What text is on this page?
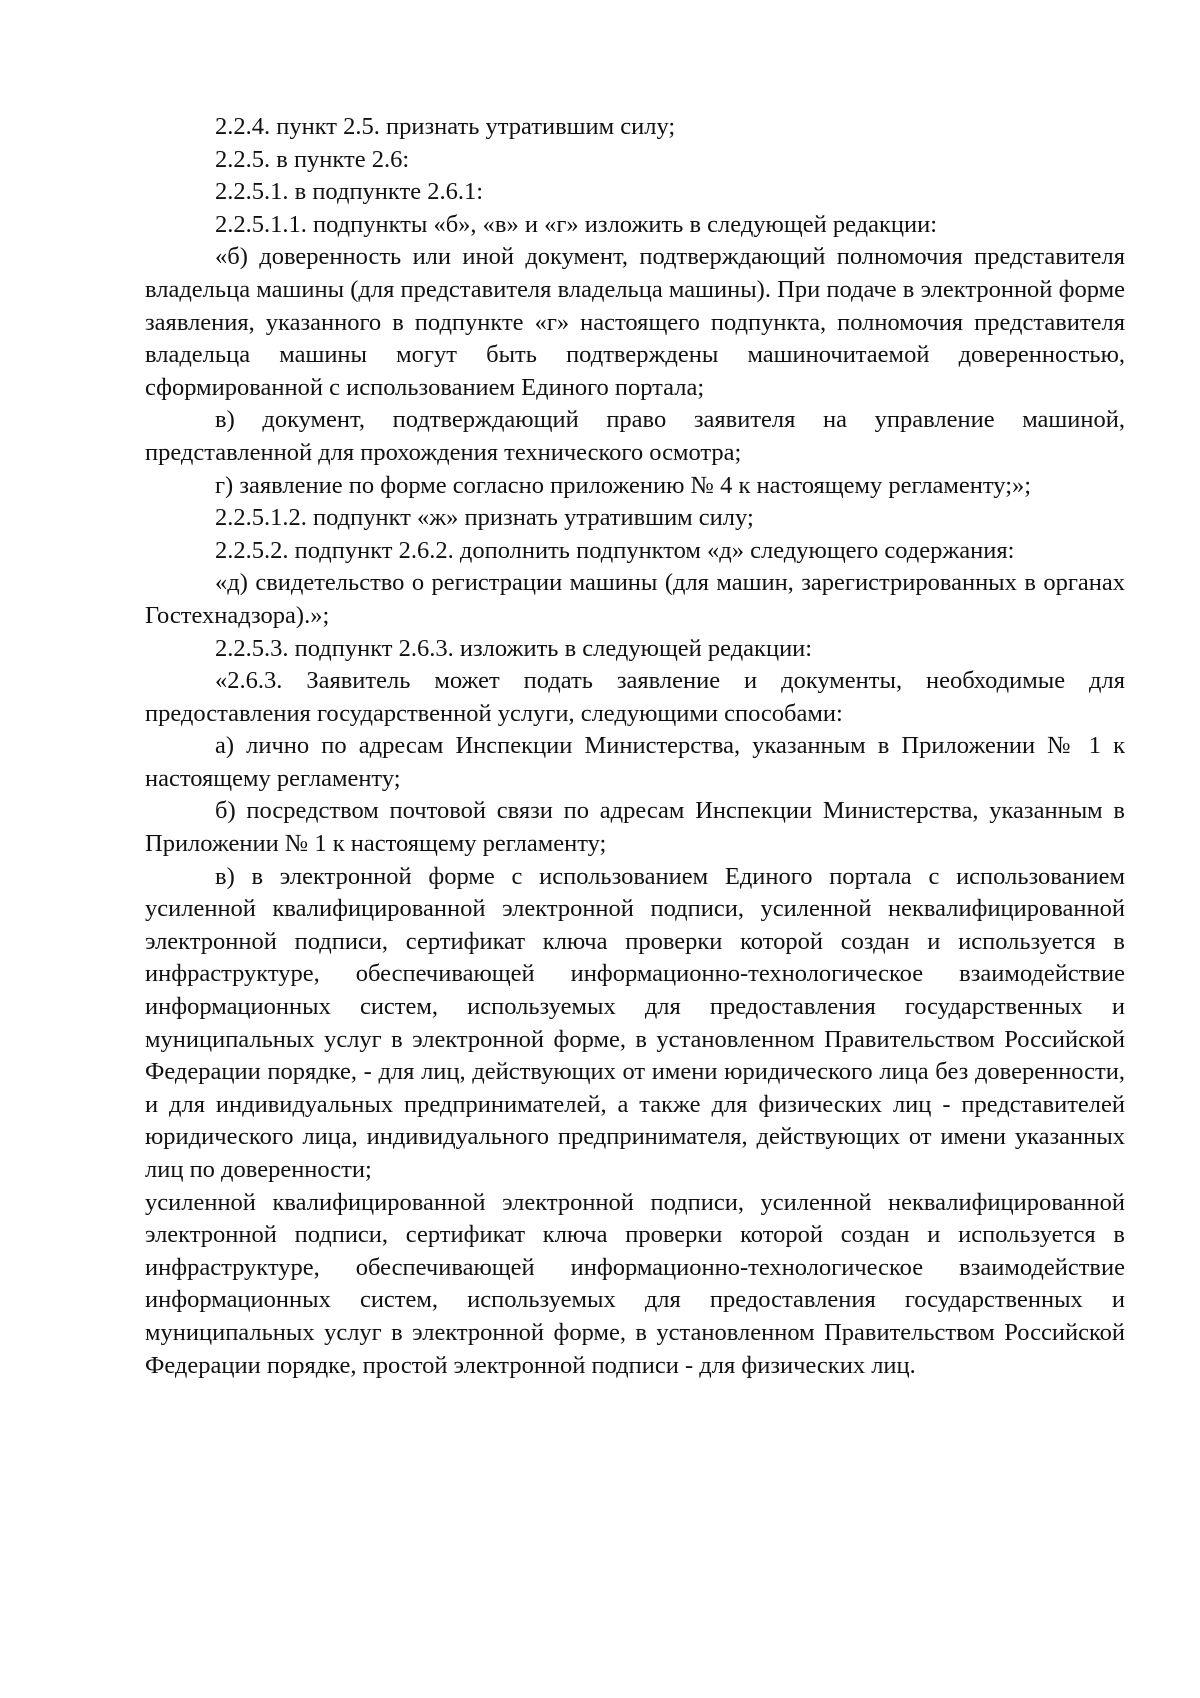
2.2.4. пункт 2.5. признать утратившим силу;

2.2.5. в пункте 2.6:

2.2.5.1. в подпункте 2.6.1:

2.2.5.1.1. подпункты «б», «в» и «г» изложить в следующей редакции:

«б) доверенность или иной документ, подтверждающий полномочия представителя владельца машины (для представителя владельца машины). При подаче в электронной форме заявления, указанного в подпункте «г» настоящего подпункта, полномочия представителя владельца машины могут быть подтверждены машиночитаемой доверенностью, сформированной с использованием Единого портала;

в) документ, подтверждающий право заявителя на управление машиной, представленной для прохождения технического осмотра;

г) заявление по форме согласно приложению № 4 к настоящему регламенту;»;

2.2.5.1.2. подпункт «ж» признать утратившим силу;

2.2.5.2. подпункт 2.6.2. дополнить подпунктом «д» следующего содержания:

«д) свидетельство о регистрации машины (для машин, зарегистрированных в органах Гостехнадзора).»;

2.2.5.3. подпункт 2.6.3. изложить в следующей редакции:

«2.6.3. Заявитель может подать заявление и документы, необходимые для предоставления государственной услуги, следующими способами:

а) лично по адресам Инспекции Министерства, указанным в Приложении № 1 к настоящему регламенту;

б) посредством почтовой связи по адресам Инспекции Министерства, указанным в Приложении № 1 к настоящему регламенту;

в) в электронной форме с использованием Единого портала с использованием усиленной квалифицированной электронной подписи, усиленной неквалифицированной электронной подписи, сертификат ключа проверки которой создан и используется в инфраструктуре, обеспечивающей информационно-технологическое взаимодействие информационных систем, используемых для предоставления государственных и муниципальных услуг в электронной форме, в установленном Правительством Российской Федерации порядке, - для лиц, действующих от имени юридического лица без доверенности, и для индивидуальных предпринимателей, а также для физических лиц - представителей юридического лица, индивидуального предпринимателя, действующих от имени указанных лиц по доверенности;

усиленной квалифицированной электронной подписи, усиленной неквалифицированной электронной подписи, сертификат ключа проверки которой создан и используется в инфраструктуре, обеспечивающей информационно-технологическое взаимодействие информационных систем, используемых для предоставления государственных и муниципальных услуг в электронной форме, в установленном Правительством Российской Федерации порядке, простой электронной подписи - для физических лиц.
